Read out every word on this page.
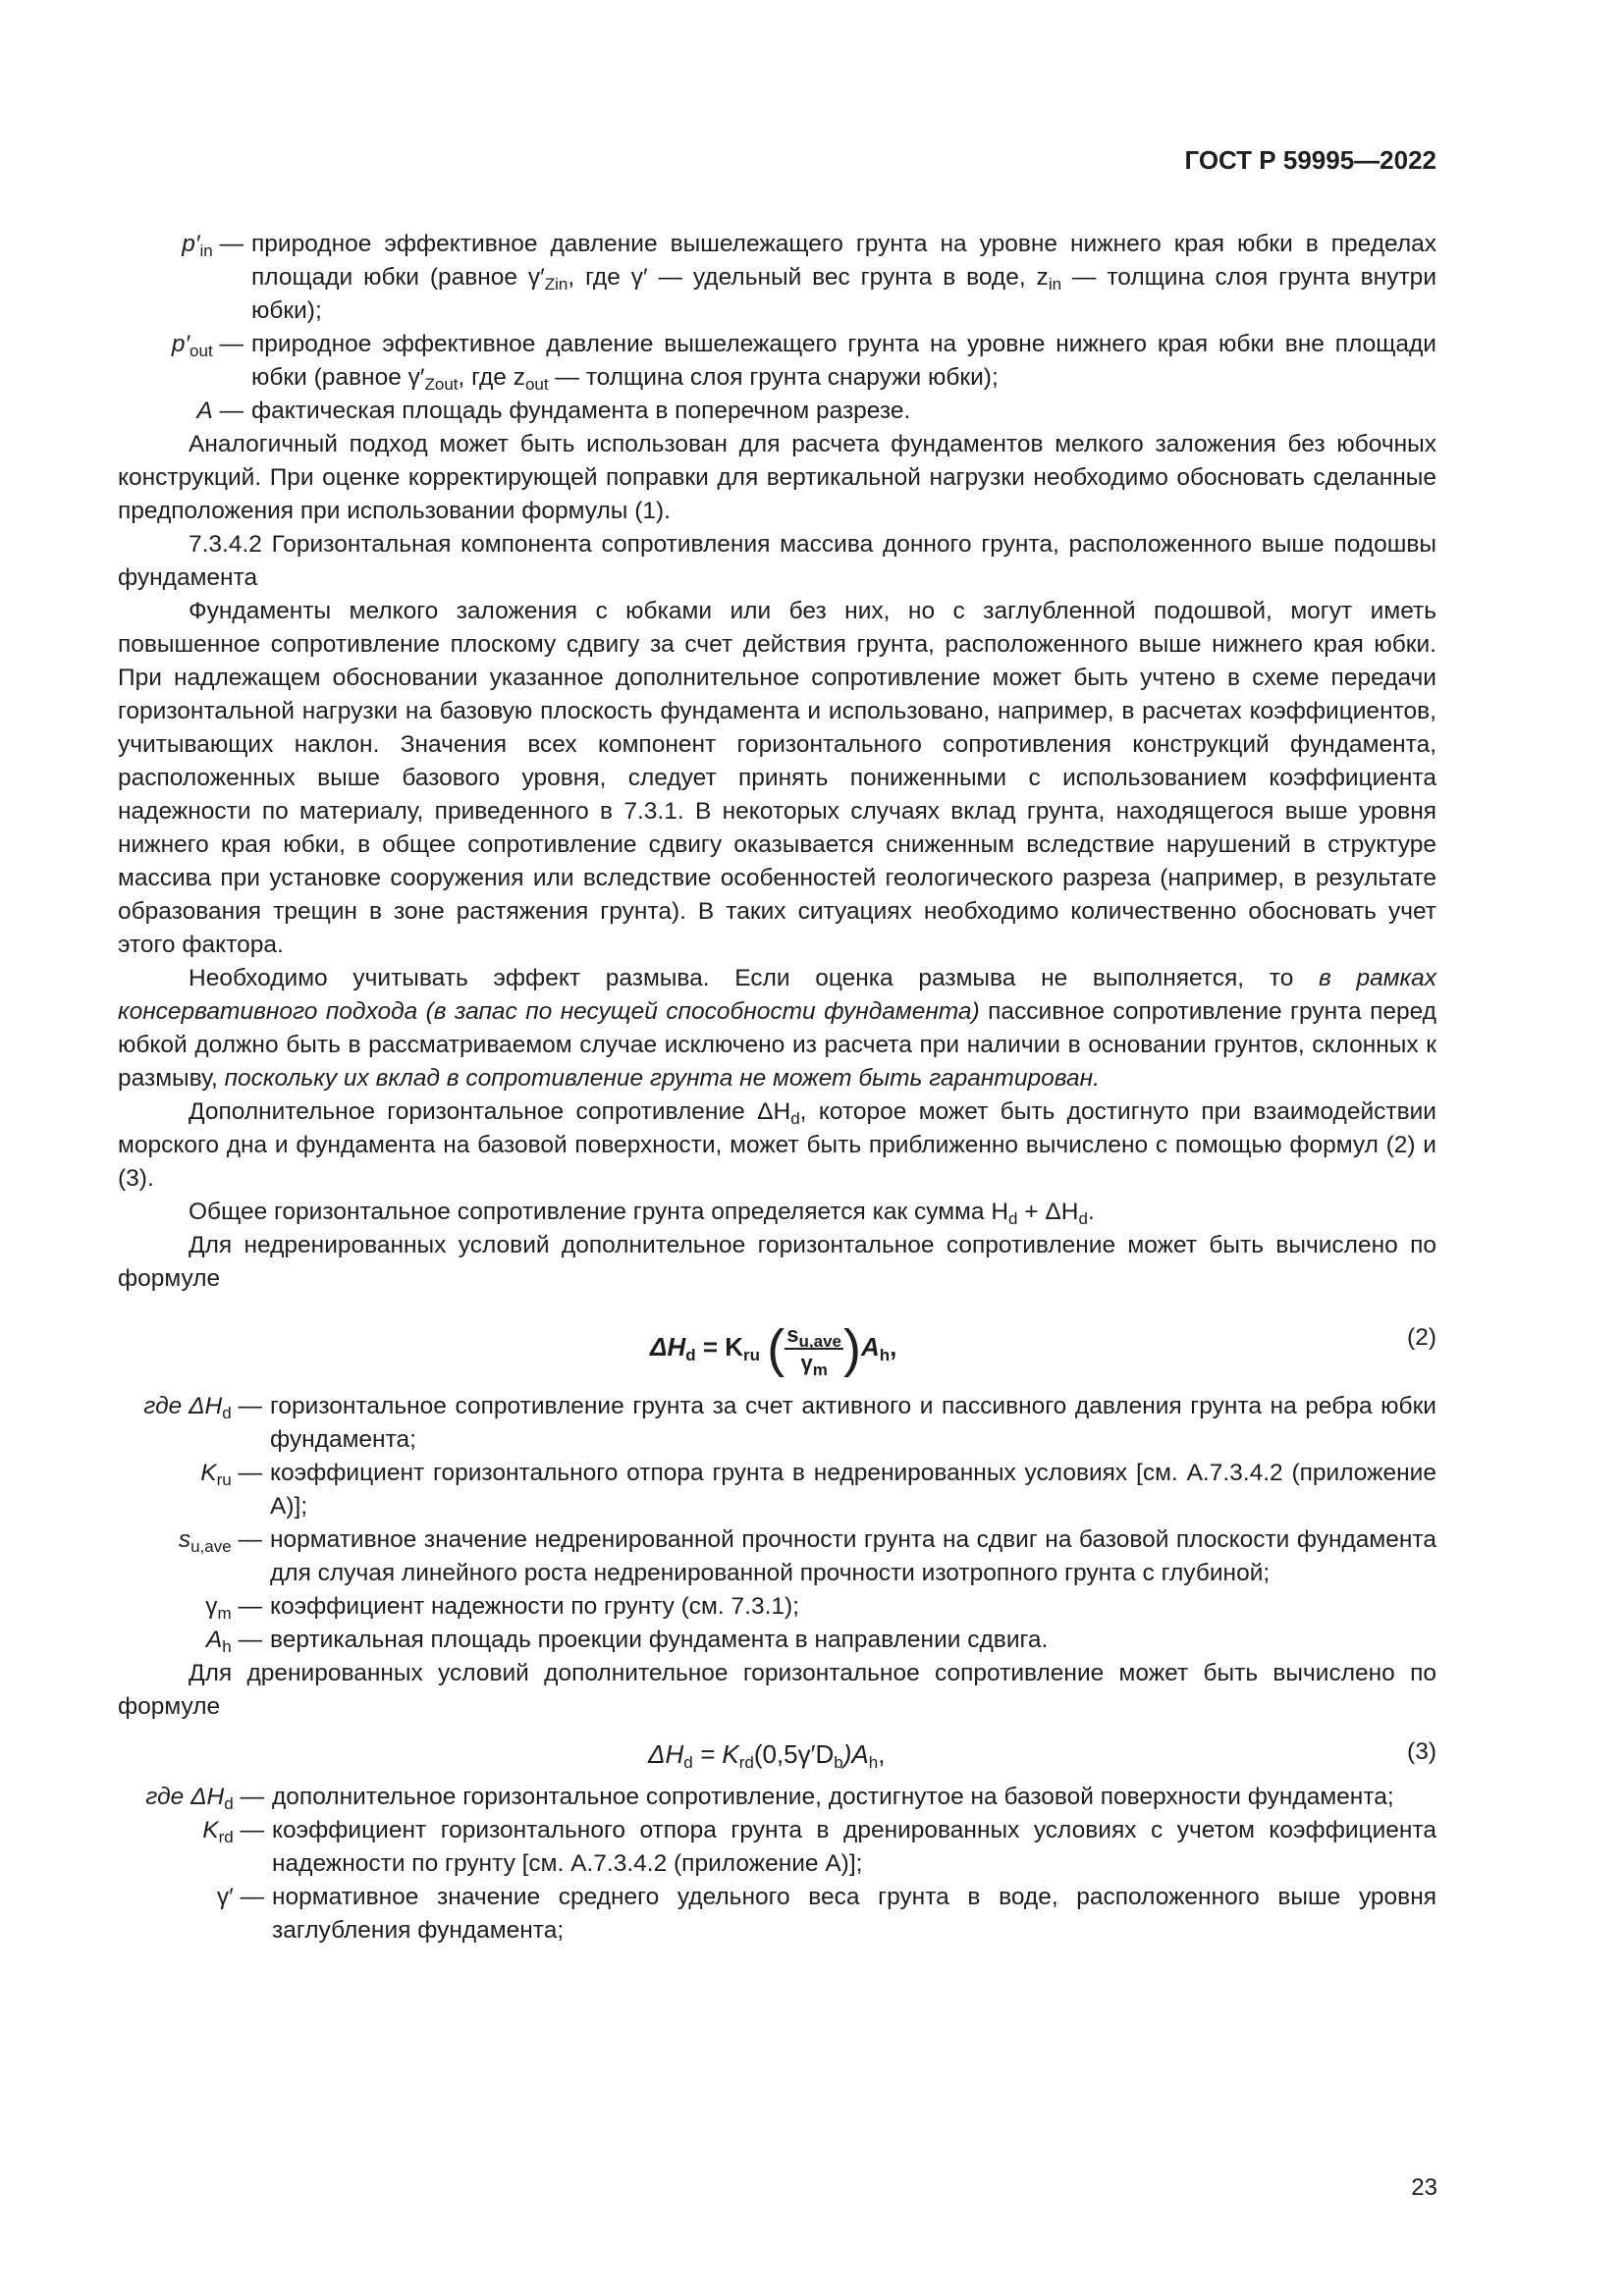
ГОСТ Р 59995—2022
$p'_{in}$ — природное эффективное давление вышележащего грунта на уровне нижнего края юбки в пределах площади юбки (равное $\gamma'_{Zin}$, где γ′ — удельный вес грунта в воде, $z_{in}$ — толщина слоя грунта внутри юбки);
$p'_{out}$ — природное эффективное давление вышележащего грунта на уровне нижнего края юбки вне площади юбки (равное $\gamma'_{Zout}$, где $z_{out}$ — толщина слоя грунта снаружи юбки);
A — фактическая площадь фундамента в поперечном разрезе.

Аналогичный подход может быть использован для расчета фундаментов мелкого заложения без юбочных конструкций. При оценке корректирующей поправки для вертикальной нагрузки необходимо обосновать сделанные предположения при использовании формулы (1).

7.3.4.2 Горизонтальная компонента сопротивления массива донного грунта, расположенного выше подошвы фундамента

Фундаменты мелкого заложения с юбками или без них, но с заглубленной подошвой, могут иметь повышенное сопротивление плоскому сдвигу за счет действия грунта, расположенного выше нижнего края юбки. При надлежащем обосновании указанное дополнительное сопротивление может быть учтено в схеме передачи горизонтальной нагрузки на базовую плоскость фундамента и использовано, например, в расчетах коэффициентов, учитывающих наклон. Значения всех компонент горизонтального сопротивления конструкций фундамента, расположенных выше базового уровня, следует принять пониженными с использованием коэффициента надежности по материалу, приведенного в 7.3.1. В некоторых случаях вклад грунта, находящегося выше уровня нижнего края юбки, в общее сопротивление сдвигу оказывается сниженным вследствие нарушений в структуре массива при установке сооружения или вследствие особенностей геологического разреза (например, в результате образования трещин в зоне растяжения грунта). В таких ситуациях необходимо количественно обосновать учет этого фактора.

Необходимо учитывать эффект размыва. Если оценка размыва не выполняется, то в рамках консервативного подхода (в запас по несущей способности фундамента) пассивное сопротивление грунта перед юбкой должно быть в рассматриваемом случае исключено из расчета при наличии в основании грунтов, склонных к размыву, поскольку их вклад в сопротивление грунта не может быть гарантирован.

Дополнительное горизонтальное сопротивление $\Delta H_d$, которое может быть достигнуто при взаимодействии морского дна и фундамента на базовой поверхности, может быть приближенно вычислено с помощью формул (2) и (3).

Общее горизонтальное сопротивление грунта определяется как сумма $H_d + \Delta H_d$.

Для недренированных условий дополнительное горизонтальное сопротивление может быть вычислено по формуле

$\Delta H_d = K_{ru}$ ( $\frac{s_{u,ave}}{\gamma_m} )A_h$,	(2)
где $\Delta H_d$ — горизонтальное сопротивление грунта за счет активного и пассивного давления грунта на ребра юбки фундамента;
$K_{ru}$ — коэффициент горизонтального отпора грунта в недренированных условиях [см. А.7.3.4.2 (приложение А)];
$s_{u,ave}$ — нормативное значение недренированной прочности грунта на сдвиг на базовой плоскости фундамента для случая линейного роста недренированной прочности изотропного грунта с глубиной;
$\gamma_m$ — коэффициент надежности по грунту (см. 7.3.1);
$A_h$ — вертикальная площадь проекции фундамента в направлении сдвига.

Для дренированных условий дополнительное горизонтальное сопротивление может быть вычислено по формуле

$\Delta H_d = K_{rd}(0,5\gamma'D_b)A_h$,	(3)
где $\Delta H_d$ — дополнительное горизонтальное сопротивление, достигнутое на базовой поверхности фундамента;
$K_{rd}$ — коэффициент горизонтального отпора грунта в дренированных условиях с учетом коэффициента надежности по грунту [см. А.7.3.4.2 (приложение А)];
γ′ — нормативное значение среднего удельного веса грунта в воде, расположенного выше уровня заглубления фундамента;
23
